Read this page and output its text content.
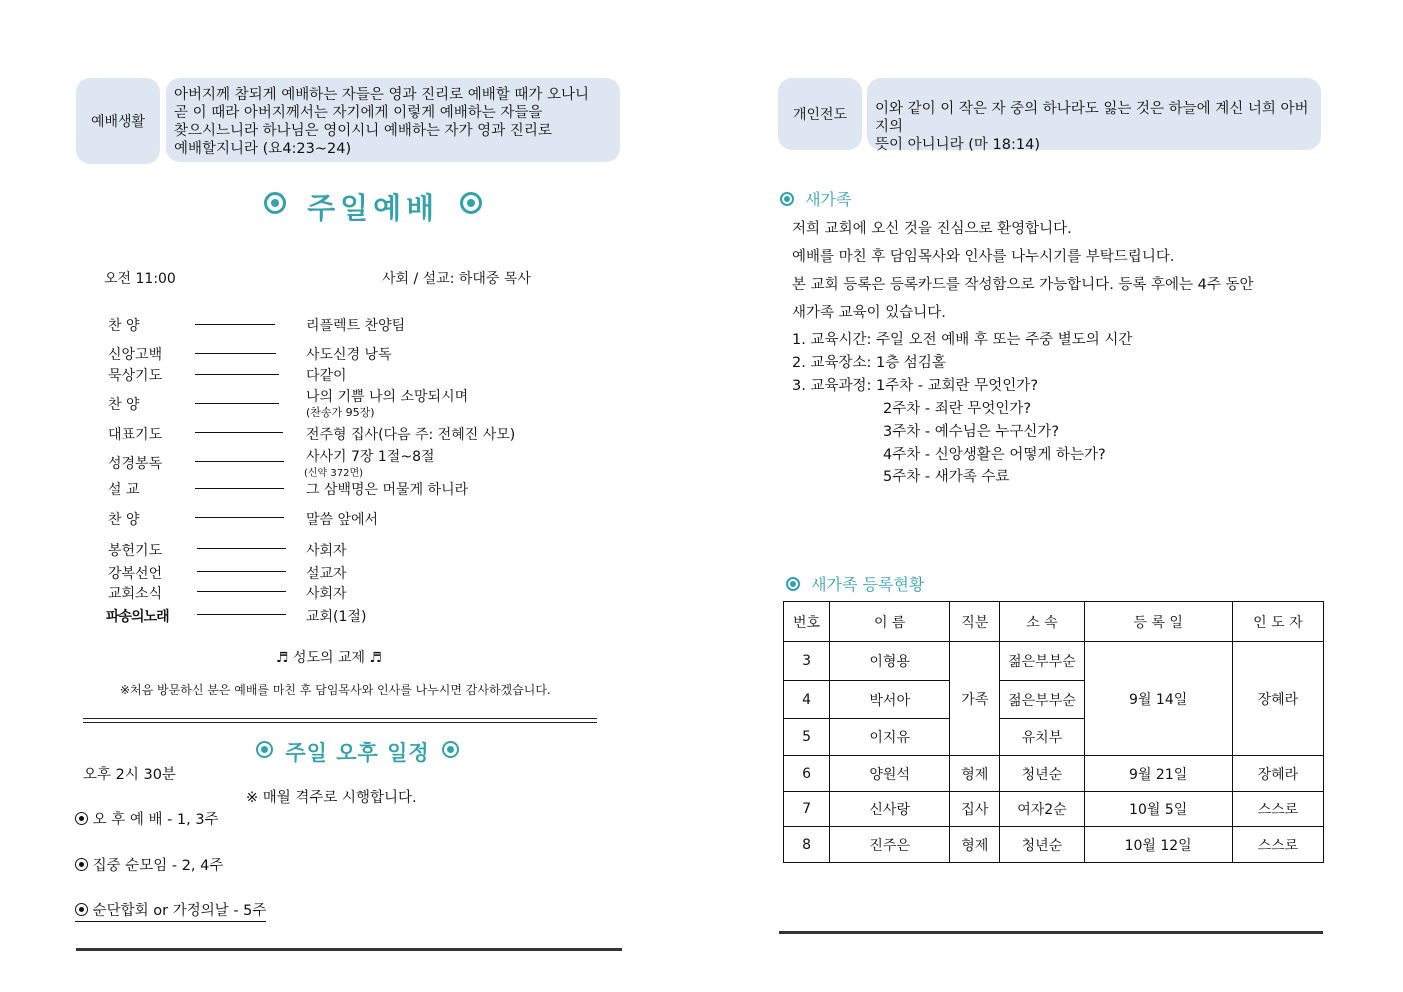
예배생활
아버지께 참되게 예배하는 자들은 영과 진리로 예배할 때가 오나니
곧 이 때라 아버지께서는 자기에게 이렇게 예배하는 자들을
찾으시느니라 하나님은 영이시니 예배하는 자가 영과 진리로
예배할지니라 (요4:23~24)
주일예배
오전 11:00	사회 / 설교: 하대중 목사
찬 양	리플렉트 찬양팀
신앙고백	사도신경 낭독
묵상기도	다같이
찬 양	나의 기쁨 나의 소망되시며
(찬송가 95장)
대표기도	전주형 집사(다음 주: 전혜진 사모)
성경봉독	사사기 7장 1절~8절
(신약 372면)
설 교	그 삼백명은 머물게 하니라
찬 양	말씀 앞에서
봉헌기도	사회자
강복선언	설교자
교회소식	사회자
파송의노래	교회(1절)
♬ 성도의 교제 ♬
※처음 방문하신 분은 예배를 마친 후 담임목사와 인사를 나누시면 감사하겠습니다.
주일 오후 일정
오후 2시 30분
※ 매월 격주로 시행합니다.
오 후 예 배 - 1, 3주
집중 순모임 - 2, 4주
순단합회 or 가정의날 - 5주
개인전도	이와 같이 이 작은 자 중의 하나라도 잃는 것은 하늘에 계신 너희 아버지의
뜻이 아니니라 (마 18:14)
새가족
저희 교회에 오신 것을 진심으로 환영합니다.
예배를 마친 후 담임목사와 인사를 나누시기를 부탁드립니다.
본 교회 등록은 등록카드를 작성함으로 가능합니다. 등록 후에는 4주 동안
새가족 교육이 있습니다.
1. 교육시간: 주일 오전 예배 후 또는 주중 별도의 시간
2. 교육장소: 1층 섬김홀
3. 교육과정: 1주차 - 교회란 무엇인가?
2주차 - 죄란 무엇인가?
3주차 - 예수님은 누구신가?
4주차 - 신앙생활은 어떻게 하는가?
5주차 - 새가족 수료
새가족 등록현황
번호	이 름	직분	소 속	등 록 일	인 도 자
3	이형용	가족	젊은부부순	9월 14일	장혜라
4	박서아		젊은부부순		
5	이지유		유치부		
6	양원석	형제	청년순	9월 21일	장혜라
7	신사랑	집사	여자2순	10월 5일	스스로
8	진주은	형제	청년순	10월 12일	스스로
